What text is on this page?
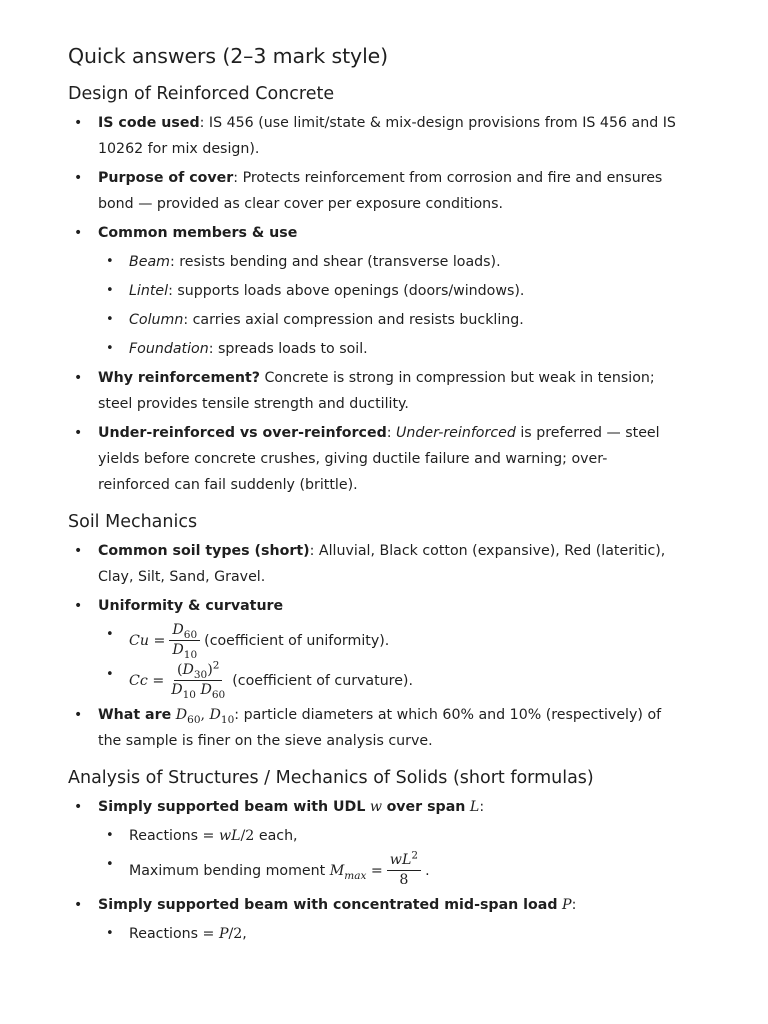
Quick answers (2–3 mark style)
Design of Reinforced Concrete
• IS code used: IS 456 (use limit/state & mix-design provisions from IS 456 and IS 10262 for mix design).
• Purpose of cover: Protects reinforcement from corrosion and fire and ensures bond — provided as clear cover per exposure conditions.
• Common members & use
• Beam: resists bending and shear (transverse loads).
• Lintel: supports loads above openings (doors/windows).
• Column: carries axial compression and resists buckling.
• Foundation: spreads loads to soil.
• Why reinforcement? Concrete is strong in compression but weak in tension; steel provides tensile strength and ductility.
• Under-reinforced vs over-reinforced: Under-reinforced is preferred — steel yields before concrete crushes, giving ductile failure and warning; over-reinforced can fail suddenly (brittle).
Soil Mechanics
• Common soil types (short): Alluvial, Black cotton (expansive), Red (lateritic), Clay, Silt, Sand, Gravel.
• Uniformity & curvature
• $Cu = \frac{D_{60}}{D_{10}}$ (coefficient of uniformity).
• $Cc = \frac{(D_{30})^2}{D_{10} D_{60}}$ (coefficient of curvature).
• What are $D_{60}$, $D_{10}$: particle diameters at which 60% and 10% (respectively) of the sample is finer on the sieve analysis curve.
Analysis of Structures / Mechanics of Solids (short formulas)
• Simply supported beam with UDL w over span L:
• Reactions = wL/2 each,
• Maximum bending moment
$M_{max} = \frac{wL^2}{8}$ .
• Simply supported beam with concentrated mid-span load P:
• Reactions = P/2,
